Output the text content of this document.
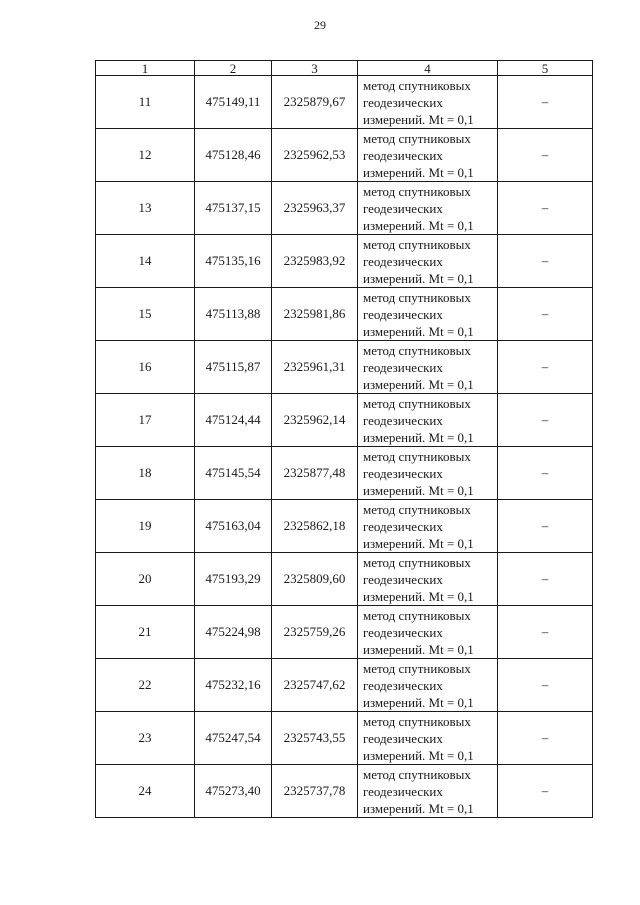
29
1	2	3	4	5
11	475149,11	2325879,67	метод спутниковых
геодезических
измерений. Mt = 0,1	–
12	475128,46	2325962,53	метод спутниковых
геодезических
измерений. Mt = 0,1	–
13	475137,15	2325963,37	метод спутниковых
геодезических
измерений. Mt = 0,1	–
14	475135,16	2325983,92	метод спутниковых
геодезических
измерений. Mt = 0,1	–
15	475113,88	2325981,86	метод спутниковых
геодезических
измерений. Mt = 0,1	–
16	475115,87	2325961,31	метод спутниковых
геодезических
измерений. Mt = 0,1	–
17	475124,44	2325962,14	метод спутниковых
геодезических
измерений. Mt = 0,1	–
18	475145,54	2325877,48	метод спутниковых
геодезических
измерений. Mt = 0,1	–
19	475163,04	2325862,18	метод спутниковых
геодезических
измерений. Mt = 0,1	–
20	475193,29	2325809,60	метод спутниковых
геодезических
измерений. Mt = 0,1	–
21	475224,98	2325759,26	метод спутниковых
геодезических
измерений. Mt = 0,1	–
22	475232,16	2325747,62	метод спутниковых
геодезических
измерений. Mt = 0,1	–
23	475247,54	2325743,55	метод спутниковых
геодезических
измерений. Mt = 0,1	–
24	475273,40	2325737,78	метод спутниковых
геодезических
измерений. Mt = 0,1	–
